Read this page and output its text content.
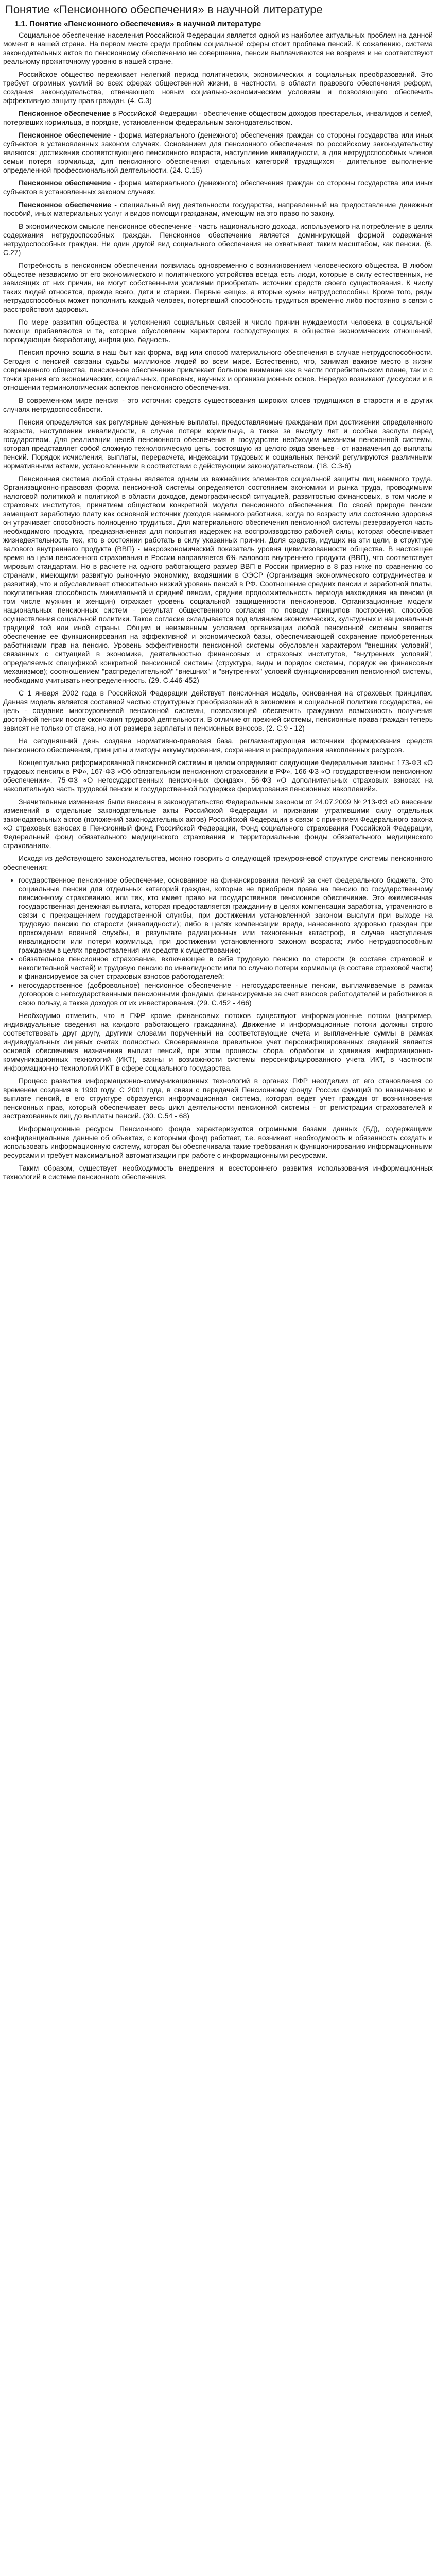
Понятие «Пенсионного обеспечения» в научной литературе
1.1. Понятие «Пенсионного обеспечения» в научной литературе

Социальное обеспечение населения Российской Федерации является одной из наиболее актуальных проблем на данной момент в нашей стране. На первом месте среди проблем социальной сферы стоит проблема пенсий. К сожалению, система законодательных актов по пенсионному обеспечению не совершенна, пенсии выплачиваются не вовремя и не соответствуют реальному прожиточному уровню в нашей стране.

Российское общество переживает нелегкий период политических, экономических и социальных преобразований. Это требует огромных усилий во всех сферах общественной жизни, в частности, в области правового обеспечения реформ, создания законодательства, отвечающего новым социально-экономическим условиям и позволяющего обеспечить эффективную защиту прав граждан. (4. С.3)

Пенсионное обеспечение в Российской Федерации - обеспечение обществом доходов престарелых, инвалидов и семей, потерявших кормильца, в порядке, установленном федеральным законодательством.

Пенсионное обеспечение - форма материального (денежного) обеспечения граждан со стороны государства или иных субъектов в установленных законом случаях. Основанием для пенсионного обеспечения по российскому законодательству являются: достижение соответствующего пенсионного возраста, наступление инвалидности, а для нетрудоспособных членов семьи потеря кормильца, для пенсионного обеспечения отдельных категорий трудящихся - длительное выполнение определенной профессиональной деятельности. (24. С.15)

Пенсионное обеспечение - форма материального (денежного) обеспечения граждан со стороны государства или иных субъектов в установленных законом случаях.

Пенсионное обеспечение - специальный вид деятельности государства, направленный на предоставление денежных пособий, иных материальных услуг и видов помощи гражданам, имеющим на это право по закону.

В экономическом смысле пенсионное обеспечение - часть национального дохода, используемого на потребление в целях содержания нетрудоспособных граждан. Пенсионное обеспечение является доминирующей формой содержания нетрудоспособных граждан. Ни один другой вид социального обеспечения не охватывает таким масштабом, как пенсии. (6. С.27)

Потребность в пенсионном обеспечении появилась одновременно с возникновением человеческого общества. В любом обществе независимо от его экономического и политического устройства всегда есть люди, которые в силу естественных, не зависящих от них причин, не могут собственными усилиями приобретать источник средств своего существования. К числу таких людей относятся, прежде всего, дети и старики. Первые «еще», а вторые «уже» нетрудоспособны. Кроме того, ряды нетрудоспособных может пополнить каждый человек, потерявший способность трудиться временно либо постоянно в связи с расстройством здоровья.

По мере развития общества и усложнения социальных связей и число причин нуждаемости человека в социальной помощи прибавляются и те, которые обусловлены характером господствующих в обществе экономических отношений, порождающих безработицу, инфляцию, бедность.

Пенсия прочно вошла в наш быт как форма, вид или способ материального обеспечения в случае нетрудоспособности. Сегодня с пенсией связаны судьбы миллионов людей во всем мире. Естественно, что, занимая важное место в жизни современного общества, пенсионное обеспечение привлекает большое внимание как в части потребительском плане, так и с точки зрения его экономических, социальных, правовых, научных и организационных основ. Нередко возникают дискуссии и в отношении терминологических аспектов пенсионного обеспечения.

В современном мире пенсия - это источник средств существования широких слоев трудящихся в старости и в других случаях нетрудоспособности.

Пенсия определяется как регулярные денежные выплаты, предоставляемые гражданам при достижении определенного возраста, наступлении инвалидности, в случае потери кормильца, а также за выслугу лет и особые заслуги перед государством. Для реализации целей пенсионного обеспечения в государстве необходим механизм пенсионной системы, которая представляет собой сложную технологическую цепь, состоящую из целого ряда звеньев - от назначения до выплаты пенсий. Порядок исчисления, выплаты, перерасчета, индексации трудовых и социальных пенсий регулируются различными нормативными актами, установленными в соответствии с действующим законодательством. (18. С.3-6)

Пенсионная система любой страны является одним из важнейших элементов социальной защиты лиц наемного труда. Организационно-правовая форма пенсионной системы определяется состоянием экономики и рынка труда, проводимыми налоговой политикой и политикой в области доходов, демографической ситуацией, развитостью финансовых, в том числе и страховых институтов, принятием обществом конкретной модели пенсионного обеспечения. По своей природе пенсии замещают заработную плату как основной источник доходов наемного работника, когда по возрасту или состоянию здоровья он утрачивает способность полноценно трудиться. Для материального обеспечения пенсионной системы резервируется часть необходимого продукта, предназначенная для покрытия издержек на воспроизводство рабочей силы, которая обеспечивает жизнедеятельность тех, кто в состоянии работать в силу указанных причин. Доля средств, идущих на эти цели, в структуре валового внутреннего продукта (ВВП) - макроэкономический показатель уровня цивилизованности общества. В настоящее время на цели пенсионного страхования в России направляется 6% валового внутреннего продукта (ВВП), что соответствует мировым стандартам. Но в расчете на одного работающего размер ВВП в России примерно в 8 раз ниже по сравнению со странами, имеющими развитую рыночную экономику, входящими в ОЭСР (Организация экономического сотрудничества и развития), что и обуславливает относительно низкий уровень пенсий в РФ. Соотношение средних пенсии и заработной платы, покупательная способность минимальной и средней пенсии, среднее продолжительность периода нахождения на пенсии (в том числе мужчин и женщин) отражает уровень социальной защищенности пенсионеров. Организационные модели национальных пенсионных систем - результат общественного согласия по поводу принципов построения, способов осуществления социальной политики. Такое согласие складывается под влиянием экономических, культурных и национальных традиций той или иной страны. Общим и неизменным условием организации любой пенсионной системы является обеспечение ее функционирования на эффективной и экономической базы, обеспечивающей сохранение приобретенных работниками прав на пенсию. Уровень эффективности пенсионной системы обусловлен характером "внешних условий", связанных с ситуацией в экономике, деятельностью финансовых и страховых институтов, "внутренних условий", определяемых спецификой конкретной пенсионной системы (структура, виды и порядок системы, порядок ее финансовых механизмов); соотношением "распределительной" "внешних" и "внутренних" условий функционирования пенсионной системы, необходимо учитывать неопределенность. (29. С.446-452)

С 1 января 2002 года в Российской Федерации действует пенсионная модель, основанная на страховых принципах. Данная модель является составной частью структурных преобразований в экономике и социальной политике государства, ее цель - создание многоуровневой пенсионной системы, позволяющей обеспечить гражданам возможность получения достойной пенсии после окончания трудовой деятельности. В отличие от прежней системы, пенсионные права граждан теперь зависят не только от стажа, но и от размера зарплаты и пенсионных взносов. (2. С.9 - 12)

На сегодняшний день создана нормативно-правовая база, регламентирующая источники формирования средств пенсионного обеспечения, принципы и методы аккумулирования, сохранения и распределения накопленных ресурсов.

Концептуально реформированной пенсионной системы в целом определяют следующие Федеральные законы: 173-ФЗ «О трудовых пенсиях в РФ», 167-ФЗ «Об обязательном пенсионном страховании в РФ», 166-ФЗ «О государственном пенсионном обеспечении», 75-ФЗ «О негосударственных пенсионных фондах», 56-ФЗ «О дополнительных страховых взносах на накопительную часть трудовой пенсии и государственной поддержке формирования пенсионных накоплений».

Значительные изменения были внесены в законодательство Федеральным законом от 24.07.2009 № 213-ФЗ «О внесении изменений в отдельные законодательные акты Российской Федерации и признании утратившими силу отдельных законодательных актов (положений законодательных актов) Российской Федерации в связи с принятием Федерального закона «О страховых взносах в Пенсионный фонд Российской Федерации, Фонд социального страхования Российской Федерации, Федеральный фонд обязательного медицинского страхования и территориальные фонды обязательного медицинского страхования».

Исходя из действующего законодательства, можно говорить о следующей трехуровневой структуре системы пенсионного обеспечения:

• государственное пенсионное обеспечение, основанное на финансировании пенсий за счет федерального бюджета. Это социальные пенсии для отдельных категорий граждан, которые не приобрели права на пенсию по государственному пенсионному страхованию, или тех, кто имеет право на государственное пенсионное обеспечение. Это ежемесячная государственная денежная выплата, которая предоставляется гражданину в целях компенсации заработка, утраченного в связи с прекращением государственной службы, при достижении установленной законом выслуги при выходе на трудовую пенсию по старости (инвалидности); либо в целях компенсации вреда, нанесенного здоровью граждан при прохождении военной службы, в результате радиационных или техногенных катастроф, в случае наступления инвалидности или потери кормильца, при достижении установленного законом возраста; либо нетрудоспособным гражданам в целях предоставления им средств к существованию;
• обязательное пенсионное страхование, включающее в себя трудовую пенсию по старости (в составе страховой и накопительной частей) и трудовую пенсию по инвалидности или по случаю потери кормильца (в составе страховой части) и финансируемое за счет страховых взносов работодателей;
• негосударственное (добровольное) пенсионное обеспечение - негосударственные пенсии, выплачиваемые в рамках договоров с негосударственными пенсионными фондами, финансируемые за счет взносов работодателей и работников в свою пользу, а также доходов от их инвестирования. (29. С.452 - 466)

Необходимо отметить, что в ПФР кроме финансовых потоков существуют информационные потоки (например, индивидуальные сведения на каждого работающего гражданина). Движение и информационные потоки должны строго соответствовать друг другу, другими словами порученный на соответствующие счета и выплаченные суммы в рамках индивидуальных лицевых счетах полностью. Своевременное правильное учет персонифицированных сведений является основой обеспечения назначения выплат пенсий, при этом процессы сбора, обработки и хранения информационно-коммуникационных технологий (ИКТ), важны и возможности системы персонифицированного учета ИКТ, в частности информационно-технологий ИКТ в сфере социального государства.

Процесс развития информационно-коммуникационных технологий в органах ПФР неотделим от его становления со временем создания в 1990 году. С 2001 года, в связи с передачей Пенсионному фонду России функций по назначению и выплате пенсий, в его структуре образуется информационная система, которая ведет учет граждан от возникновения пенсионных прав, который обеспечивает весь цикл деятельности пенсионной системы - от регистрации страхователей и застрахованных лиц до выплаты пенсий. (30. С.54 - 68)

Информационные ресурсы Пенсионного фонда характеризуются огромными базами данных (БД), содержащими конфиденциальные данные об объектах, с которыми фонд работает, т.е. возникает необходимость и обязанность создать и использовать информационную систему, которая бы обеспечивала такие требования к функционированию информационными ресурсами и требует максимальной автоматизации при работе с информационными ресурсами.

Таким образом, существует необходимость внедрения и всестороннего развития использования информационных технологий в системе пенсионного обеспечения.
